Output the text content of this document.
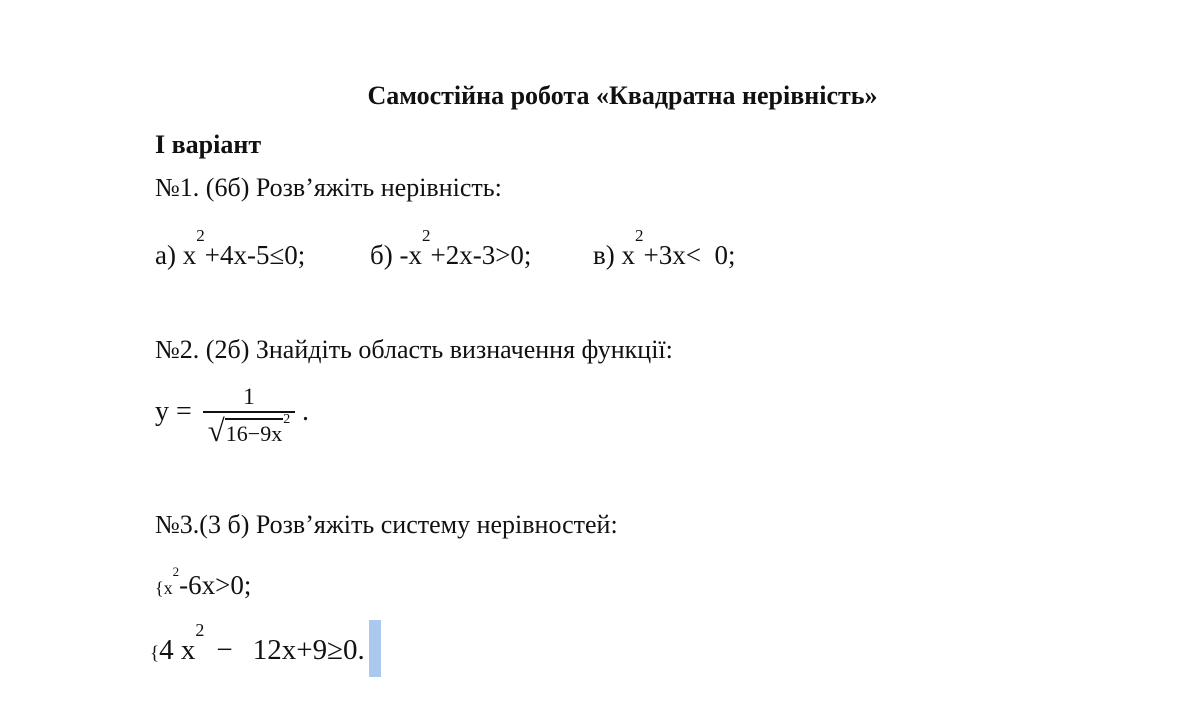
Самостійна робота «Квадратна нерівність»
І варіант
№1. (6б) Розв’яжіть нерівність:
а) $x^2+4x-5\le 0$; б) $-x^2+2x-3>0$; в) $x^2+3x< 0$;
№2. (2б) Знайдіть область визначення функції:
y =	1
√ 16−9x
2 .
№3.(3 б) Розв’яжіть систему нерівностей:
{$x^2-6x>0$;
{4 $x^2- 12x+9\ge 0$.
